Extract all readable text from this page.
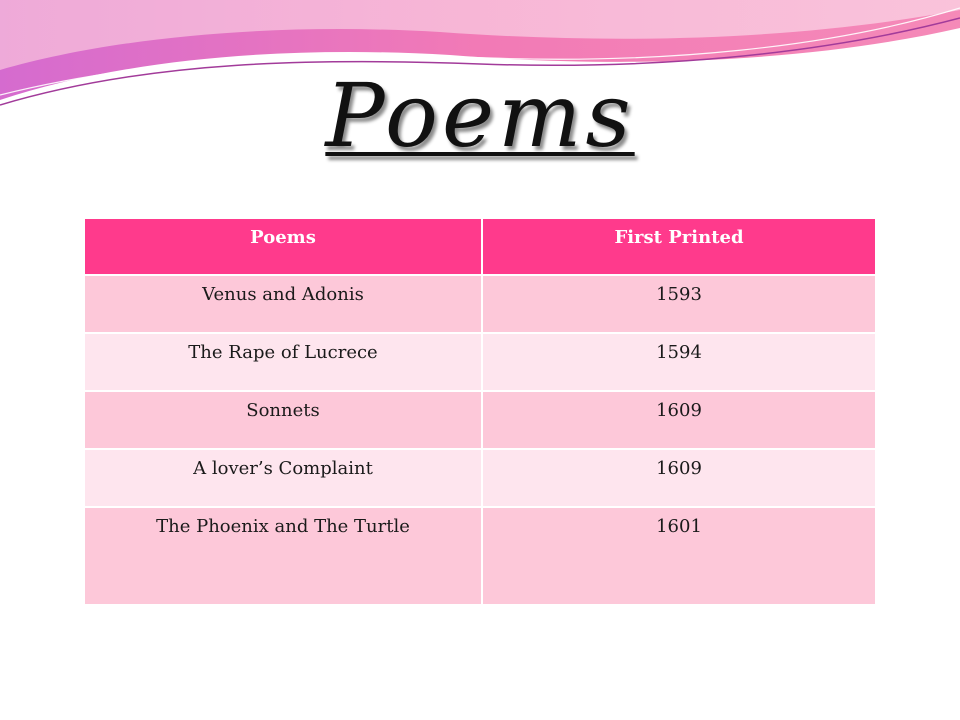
Poems
Poems	First Printed
Venus and Adonis	1593
The Rape of Lucrece	1594
Sonnets	1609
A lover’s Complaint	1609
The Phoenix and The Turtle	1601
